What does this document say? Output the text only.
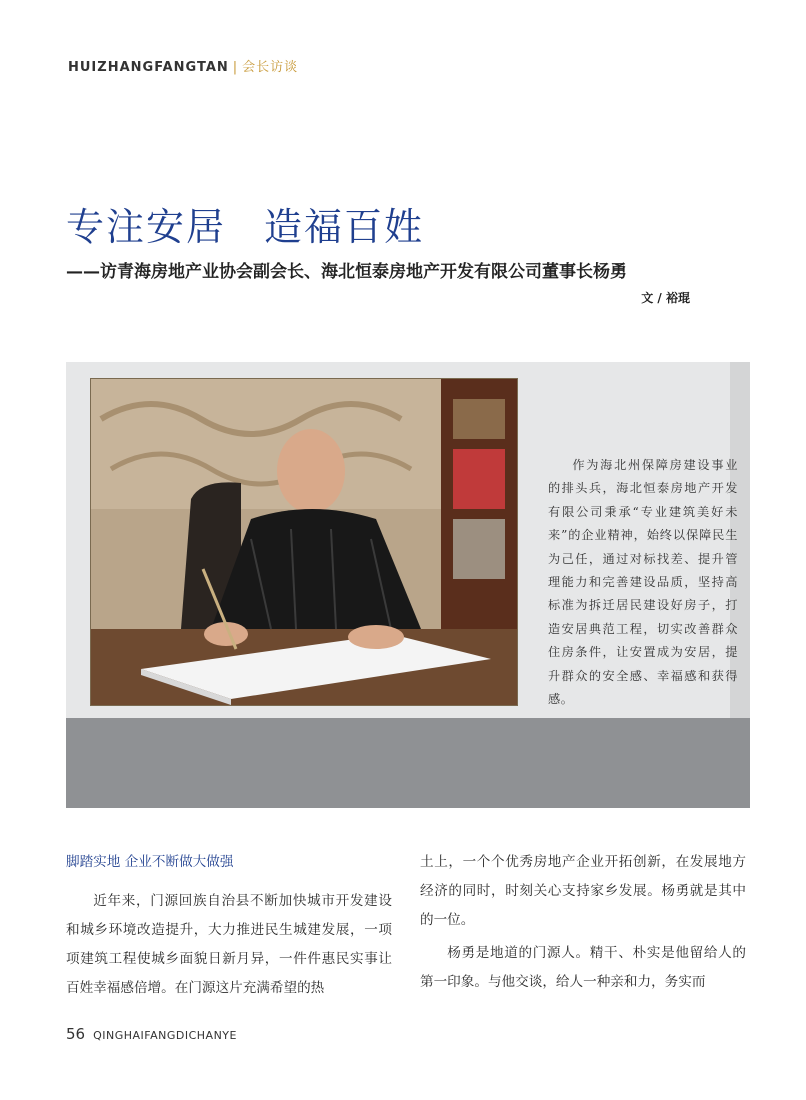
HUIZHANGFANGTAN | 会长访谈
专注安居 造福百姓
——访青海房地产业协会副会长、海北恒泰房地产开发有限公司董事长杨勇
文 / 裕琨

作为海北州保障房建设事业的排头兵，海北恒泰房地产开发有限公司秉承“专业建筑美好未来”的企业精神，始终以保障民生为己任，通过对标找差、提升管理能力和完善建设品质，坚持高标准为拆迁居民建设好房子，打造安居典范工程，切实改善群众住房条件，让安置成为安居，提升群众的安全感、幸福感和获得感。

脚踏实地 企业不断做大做强

近年来，门源回族自治县不断加快城市开发建设和城乡环境改造提升，大力推进民生城建发展，一项项建筑工程使城乡面貌日新月异，一件件惠民实事让百姓幸福感倍增。在门源这片充满希望的热

土上，一个个优秀房地产企业开拓创新，在发展地方经济的同时，时刻关心支持家乡发展。杨勇就是其中的一位。

杨勇是地道的门源人。精干、朴实是他留给人的第一印象。与他交谈，给人一种亲和力，务实而

56 QINGHAIFANGDICHANYE
